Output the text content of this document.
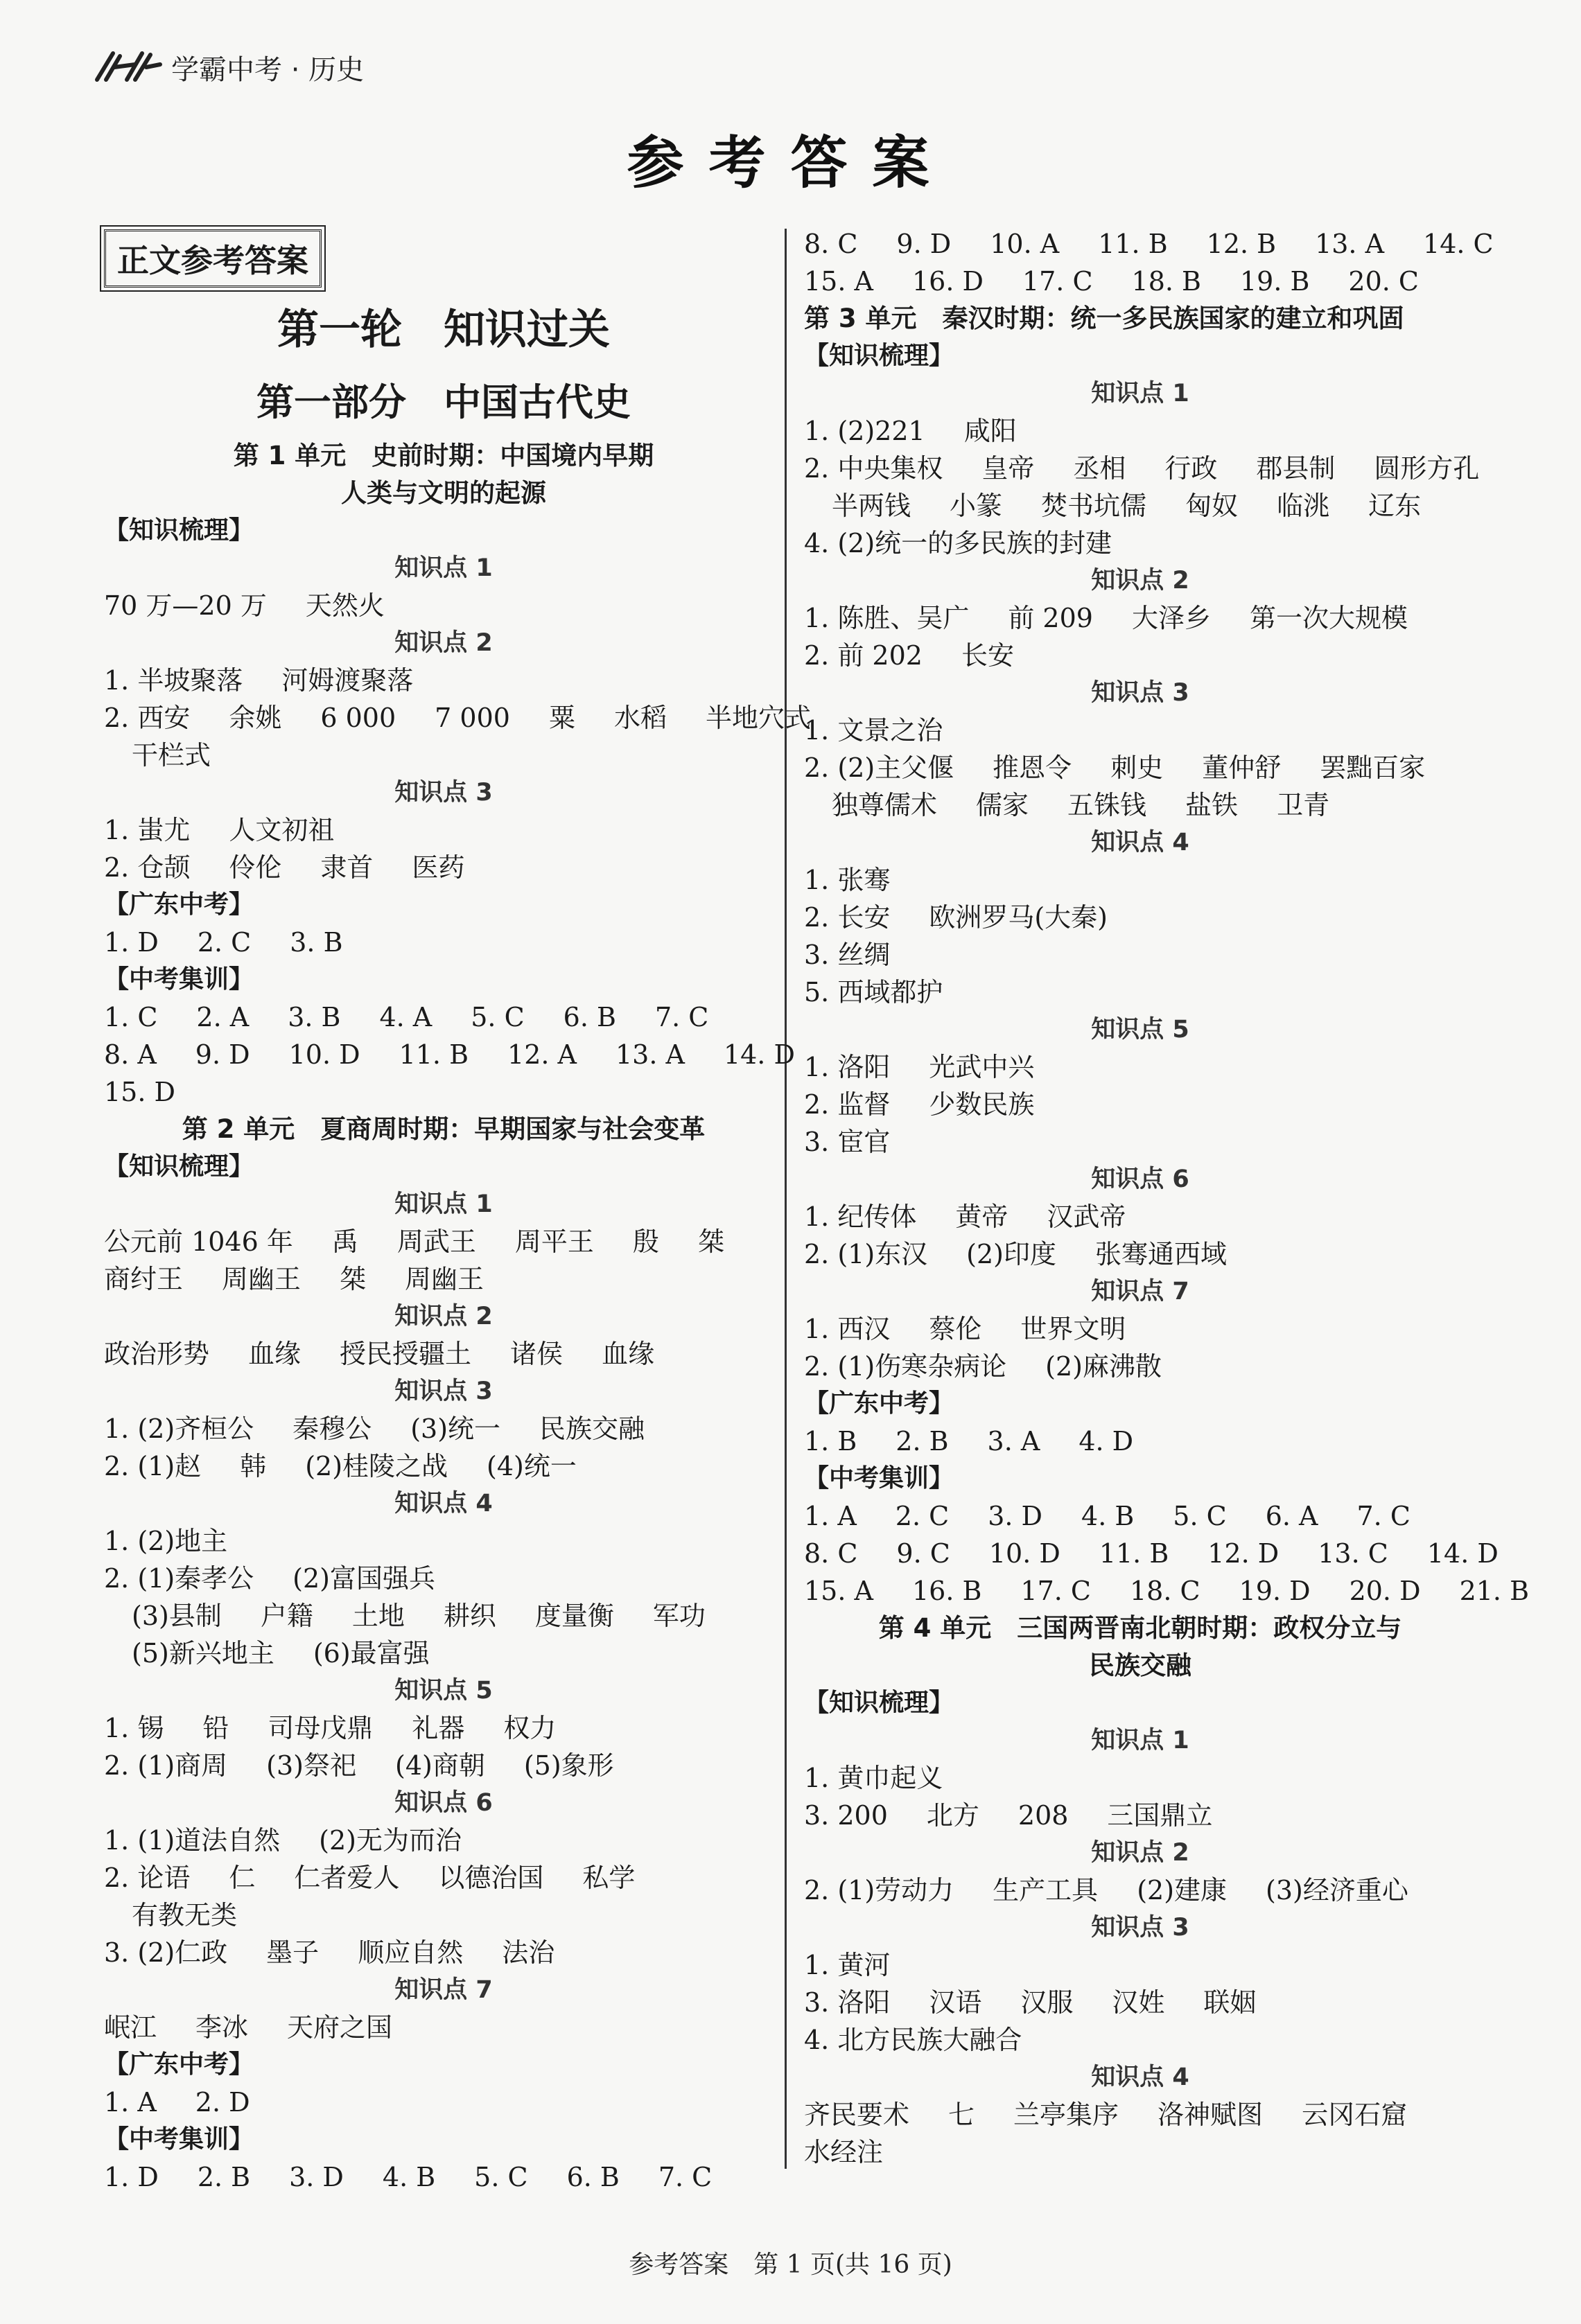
学霸中考 · 历史
参考答案
正文参考答案
第一轮　知识过关
第一部分　中国古代史
第 1 单元　史前时期：中国境内早期
人类与文明的起源
【知识梳理】
知识点 1
70 万—20 万 天然火
知识点 2
1. 半坡聚落 河姆渡聚落
2. 西安 余姚 6 000 7 000 粟 水稻 半地穴式
干栏式
知识点 3
1. 蚩尤 人文初祖
2. 仓颉 伶伦 隶首 医药
【广东中考】
1. D 2. C 3. B
【中考集训】
1. C 2. A 3. B 4. A 5. C 6. B 7. C
8. A 9. D 10. D 11. B 12. A 13. A 14. D
15. D
第 2 单元　夏商周时期：早期国家与社会变革
【知识梳理】
知识点 1
公元前 1046 年 禹 周武王 周平王 殷 桀
商纣王 周幽王 桀 周幽王
知识点 2
政治形势 血缘 授民授疆土 诸侯 血缘
知识点 3
1. (2)齐桓公 秦穆公 (3)统一 民族交融
2. (1)赵 韩 (2)桂陵之战 (4)统一
知识点 4
1. (2)地主
2. (1)秦孝公 (2)富国强兵
(3)县制 户籍 土地 耕织 度量衡 军功
(5)新兴地主 (6)最富强
知识点 5
1. 锡 铅 司母戊鼎 礼器 权力
2. (1)商周 (3)祭祀 (4)商朝 (5)象形
知识点 6
1. (1)道法自然 (2)无为而治
2. 论语 仁 仁者爱人 以德治国 私学
有教无类
3. (2)仁政 墨子 顺应自然 法治
知识点 7
岷江 李冰 天府之国
【广东中考】
1. A 2. D
【中考集训】
1. D 2. B 3. D 4. B 5. C 6. B 7. C
8. C 9. D 10. A 11. B 12. B 13. A 14. C
15. A 16. D 17. C 18. B 19. B 20. C
第 3 单元　秦汉时期：统一多民族国家的建立和巩固
【知识梳理】
知识点 1
1. (2)221 咸阳
2. 中央集权 皇帝 丞相 行政 郡县制 圆形方孔
半两钱 小篆 焚书坑儒 匈奴 临洮 辽东
4. (2)统一的多民族的封建
知识点 2
1. 陈胜、吴广 前 209 大泽乡 第一次大规模
2. 前 202 长安
知识点 3
1. 文景之治
2. (2)主父偃 推恩令 刺史 董仲舒 罢黜百家
独尊儒术 儒家 五铢钱 盐铁 卫青
知识点 4
1. 张骞
2. 长安 欧洲罗马(大秦)
3. 丝绸
5. 西域都护
知识点 5
1. 洛阳 光武中兴
2. 监督 少数民族
3. 宦官
知识点 6
1. 纪传体 黄帝 汉武帝
2. (1)东汉 (2)印度 张骞通西域
知识点 7
1. 西汉 蔡伦 世界文明
2. (1)伤寒杂病论 (2)麻沸散
【广东中考】
1. B 2. B 3. A 4. D
【中考集训】
1. A 2. C 3. D 4. B 5. C 6. A 7. C
8. C 9. C 10. D 11. B 12. D 13. C 14. D
15. A 16. B 17. C 18. C 19. D 20. D 21. B
第 4 单元　三国两晋南北朝时期：政权分立与
民族交融
【知识梳理】
知识点 1
1. 黄巾起义
3. 200 北方 208 三国鼎立
知识点 2
2. (1)劳动力 生产工具 (2)建康 (3)经济重心
知识点 3
1. 黄河
3. 洛阳 汉语 汉服 汉姓 联姻
4. 北方民族大融合
知识点 4
齐民要术 七 兰亭集序 洛神赋图 云冈石窟
水经注
参考答案　第 1 页(共 16 页)
